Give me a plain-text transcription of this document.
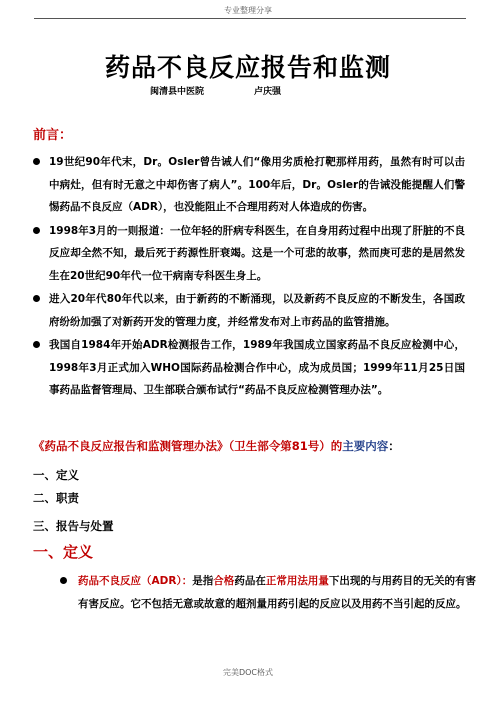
专业整理分享
药品不良反应报告和监测
闽清县中医院	卢庆强
前言：
19世纪90年代末，Dr。Osler曾告诫人们“像用劣质枪打靶那样用药，虽然有时可以击中病灶，但有时无意之中却伤害了病人”。100年后，Dr。Osler的告诫没能提醒人们警惕药品不良反应（ADR），也没能阻止不合理用药对人体造成的伤害。
1998年3月的一则报道：一位年轻的肝病专科医生，在自身用药过程中出现了肝脏的不良反应却全然不知，最后死于药源性肝衰竭。这是一个可悲的故事，然而庚可悲的是居然发生在20世纪90年代一位干病南专科医生身上。
进入20年代80年代以来，由于新药的不断涌现，以及新药不良反应的不断发生，各国政府纷纷加强了对新药开发的管理力度，并经常发布对上市药品的监管措施。
我国自1984年开始ADR检测报告工作，1989年我国成立国家药品不良反应检测中心，1998年3月正式加入WHO国际药品检测合作中心，成为成员国；1999年11月25日国事药品监督管理局、卫生部联合颁布试行“药品不良反应检测管理办法”。
《药品不良反应报告和监测管理办法》（卫生部令第81号）的主要内容：
一、定义
二、职责
三、报告与处置
一、定义
药品不良反应（ADR）：是指合格药品在正常用法用量下出现的与用药目的无关的有害有害反应。它不包括无意或故意的超剂量用药引起的反应以及用药不当引起的反应。
完美DOC格式
